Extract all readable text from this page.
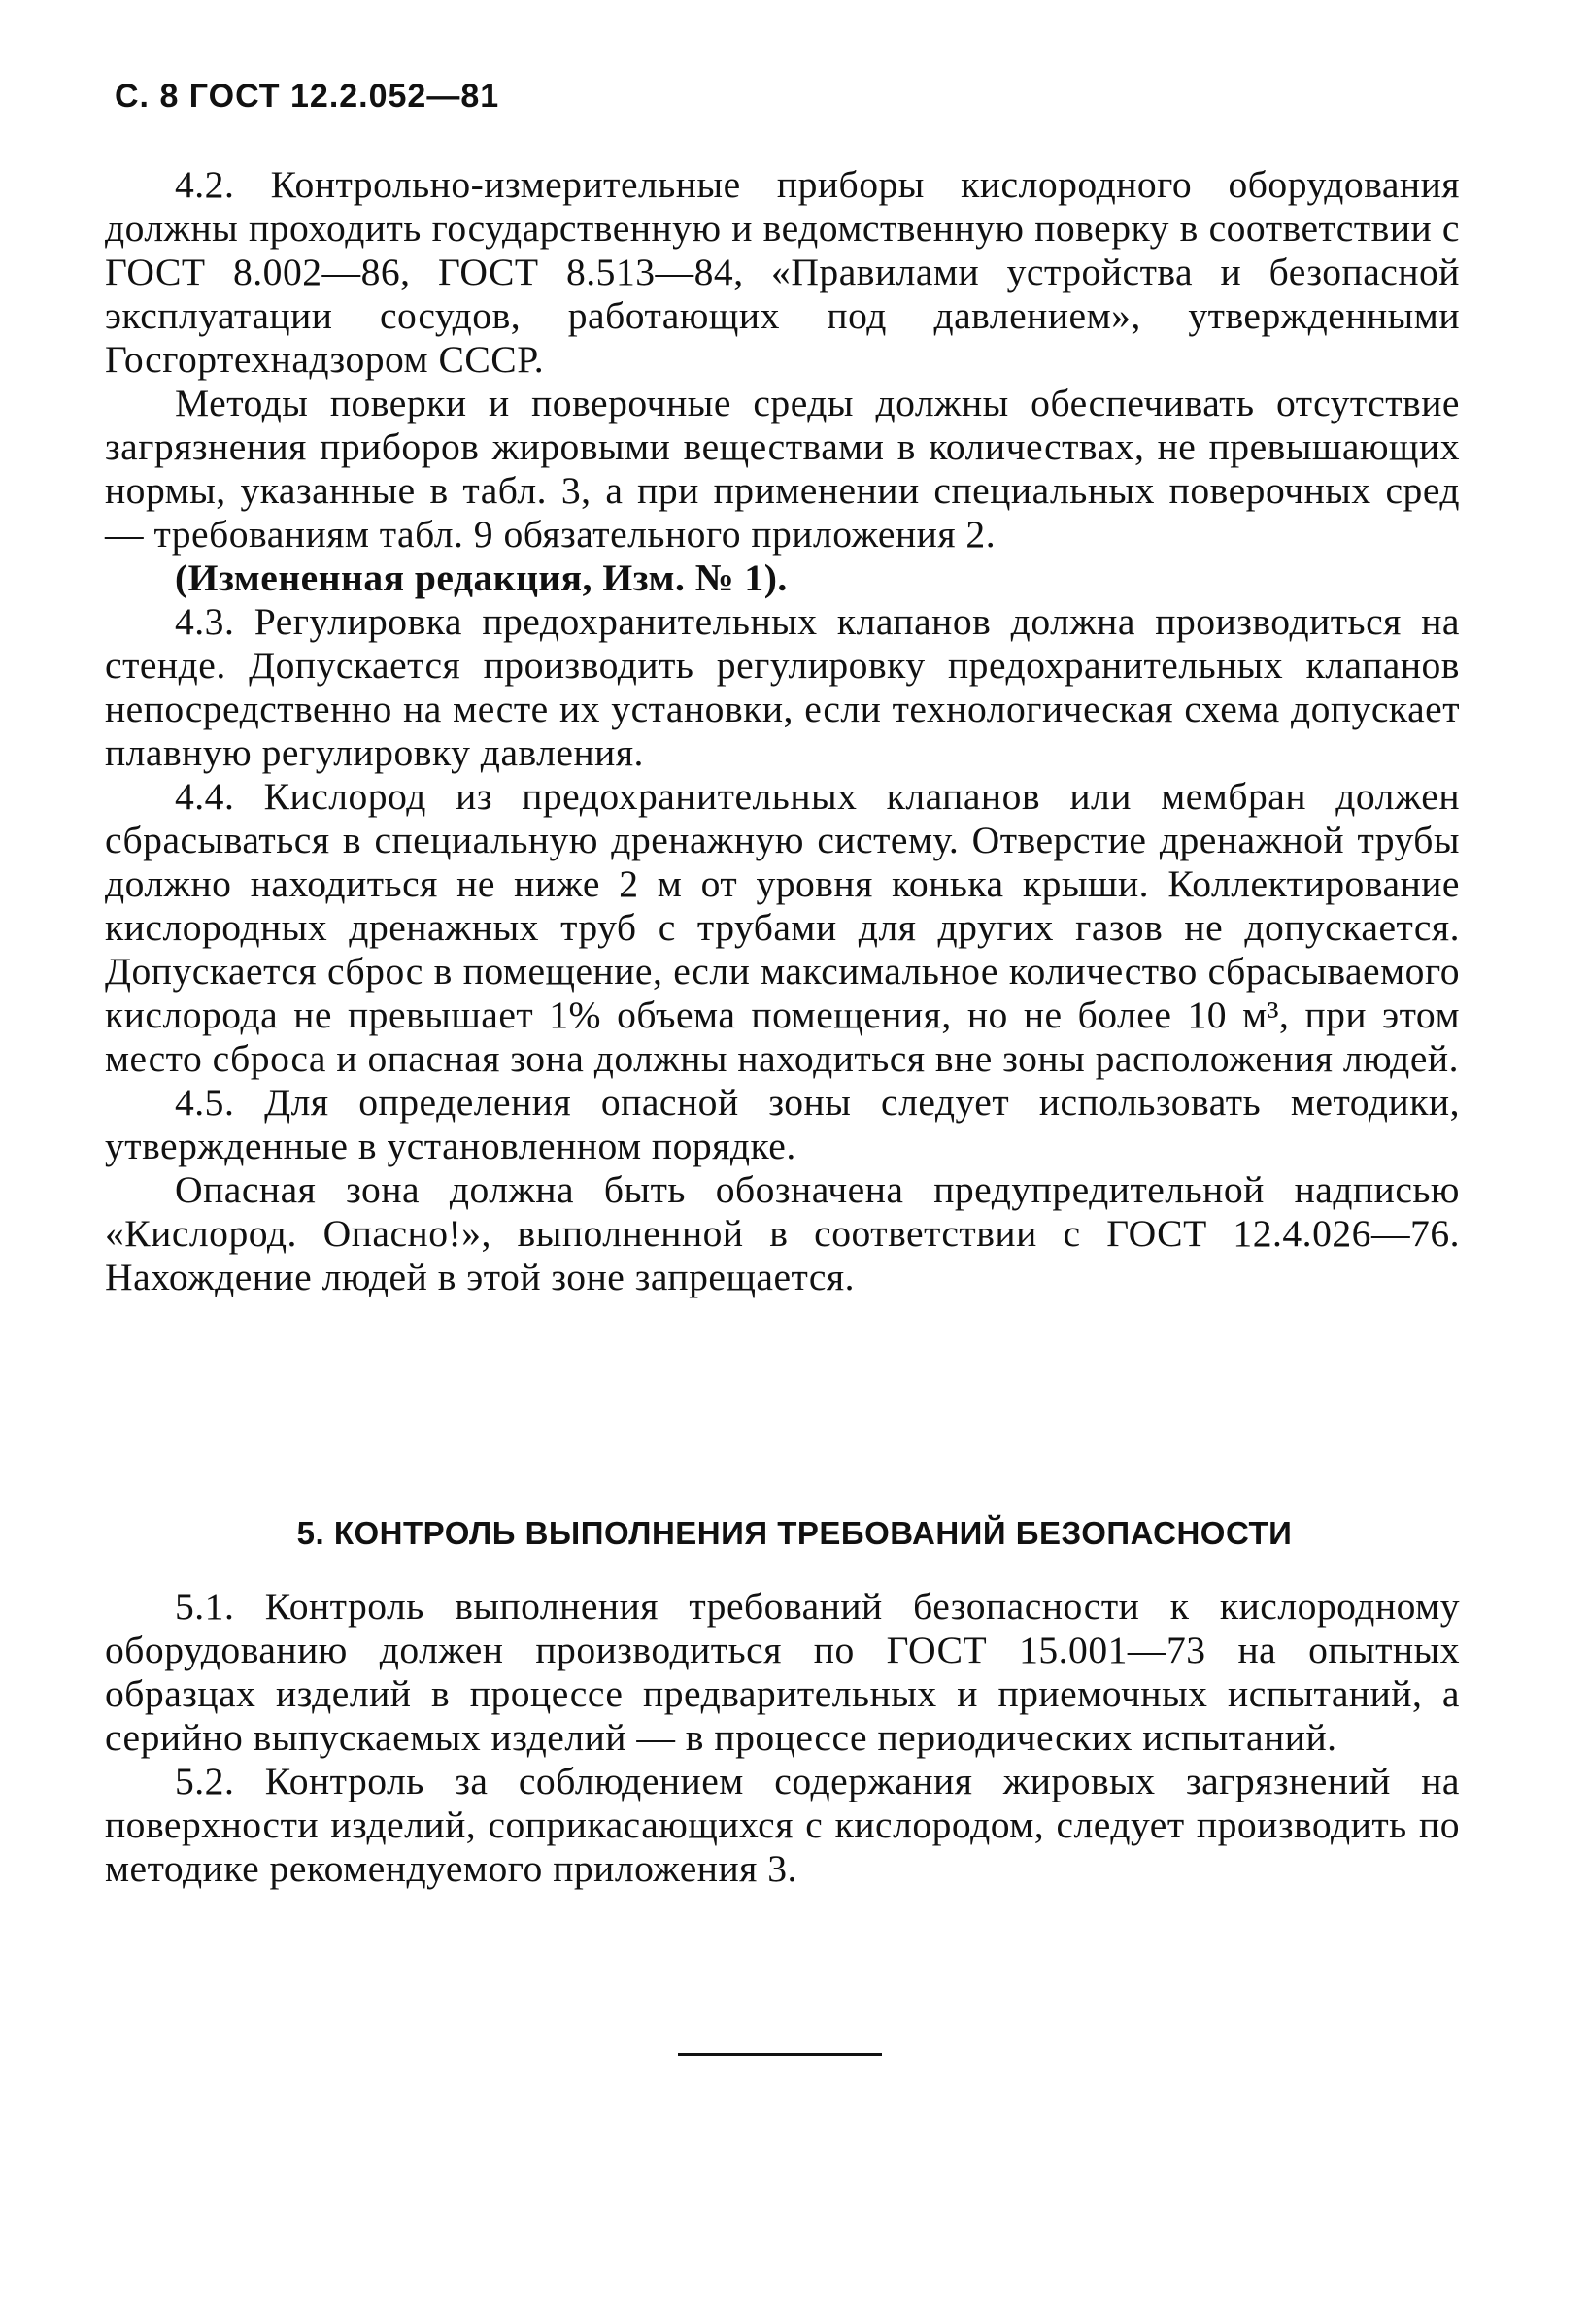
С. 8 ГОСТ 12.2.052—81

4.2. Контрольно-измерительные приборы кислородного оборудования должны проходить государственную и ведомственную поверку в соответствии с ГОСТ 8.002—86, ГОСТ 8.513—84, «Правилами устройства и безопасной эксплуатации сосудов, работающих под давлением», утвержденными Госгортехнадзором СССР.

Методы поверки и поверочные среды должны обеспечивать отсутствие загрязнения приборов жировыми веществами в количествах, не превышающих нормы, указанные в табл. 3, а при применении специальных поверочных сред — требованиям табл. 9 обязательного приложения 2.

(Измененная редакция, Изм. № 1).

4.3. Регулировка предохранительных клапанов должна производиться на стенде. Допускается производить регулировку предохранительных клапанов непосредственно на месте их установки, если технологическая схема допускает плавную регулировку давления.

4.4. Кислород из предохранительных клапанов или мембран должен сбрасываться в специальную дренажную систему. Отверстие дренажной трубы должно находиться не ниже 2 м от уровня конька крыши. Коллектирование кислородных дренажных труб с трубами для других газов не допускается. Допускается сброс в помещение, если максимальное количество сбрасываемого кислорода не превышает 1% объема помещения, но не более 10 м³, при этом место сброса и опасная зона должны находиться вне зоны расположения людей.

4.5. Для определения опасной зоны следует использовать методики, утвержденные в установленном порядке.

Опасная зона должна быть обозначена предупредительной надписью «Кислород. Опасно!», выполненной в соответствии с ГОСТ 12.4.026—76. Нахождение людей в этой зоне запрещается.

5. КОНТРОЛЬ ВЫПОЛНЕНИЯ ТРЕБОВАНИЙ БЕЗОПАСНОСТИ

5.1. Контроль выполнения требований безопасности к кислородному оборудованию должен производиться по ГОСТ 15.001—73 на опытных образцах изделий в процессе предварительных и приемочных испытаний, а серийно выпускаемых изделий — в процессе периодических испытаний.

5.2. Контроль за соблюдением содержания жировых загрязнений на поверхности изделий, соприкасающихся с кислородом, следует производить по методике рекомендуемого приложения 3.
